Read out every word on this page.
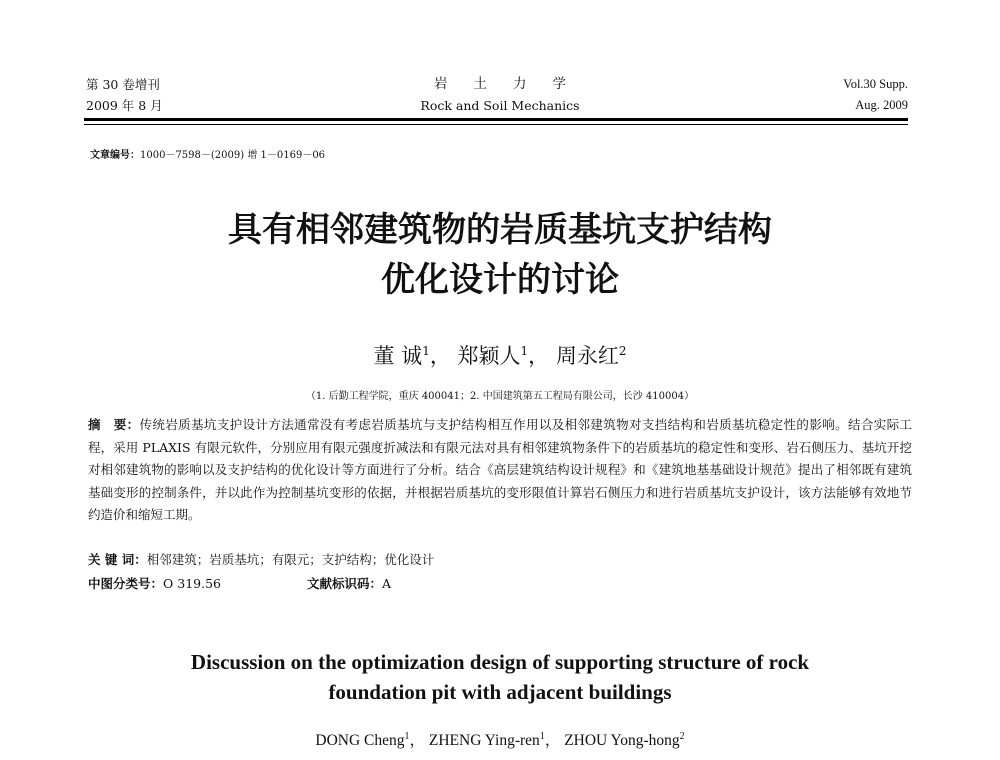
第 30 卷增刊
2009 年 8 月
岩土力学
Rock and Soil Mechanics
Vol.30 Supp.
Aug. 2009
文章编号：1000－7598－(2009) 增 1－0169－06
具有相邻建筑物的岩质基坑支护结构
优化设计的讨论
董 诚$^1$， 郑颖人$^1$， 周永红$^2$
（1. 后勤工程学院，重庆 400041；2. 中国建筑第五工程局有限公司，长沙 410004）
摘　要：传统岩质基坑支护设计方法通常没有考虑岩质基坑与支护结构相互作用以及相邻建筑物对支挡结构和岩质基坑稳定性的影响。结合实际工程，采用 PLAXIS 有限元软件，分别应用有限元强度折减法和有限元法对具有相邻建筑物条件下的岩质基坑的稳定性和变形、岩石侧压力、基坑开挖对相邻建筑物的影响以及支护结构的优化设计等方面进行了分析。结合《高层建筑结构设计规程》和《建筑地基基础设计规范》提出了相邻既有建筑基础变形的控制条件，并以此作为控制基坑变形的依据，并根据岩质基坑的变形限值计算岩石侧压力和进行岩质基坑支护设计，该方法能够有效地节约造价和缩短工期。
关 键 词：相邻建筑；岩质基坑；有限元；支护结构；优化设计
中图分类号：O 319.56	文献标识码：A
Discussion on the optimization design of supporting structure of rock
foundation pit with adjacent buildings
DONG Cheng$^1$， ZHENG Ying-ren$^1$， ZHOU Yong-hong$^2$
